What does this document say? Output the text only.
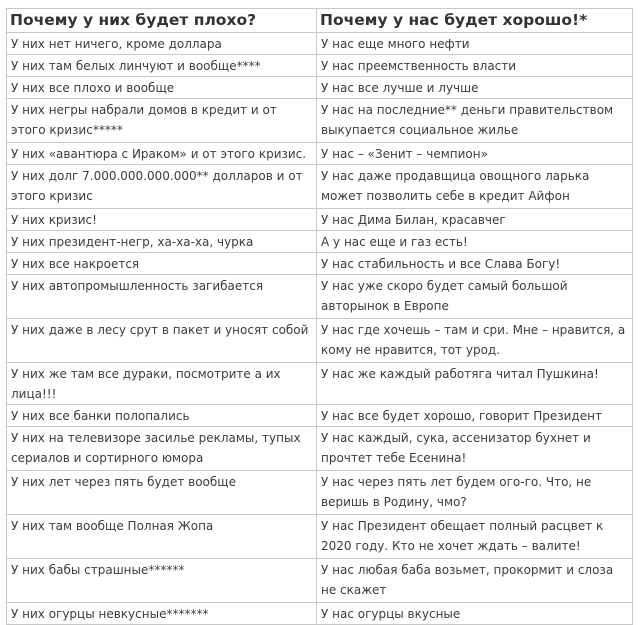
Почему у них будет плохо?	Почему у нас будет хорошо!*
У них нет ничего, кроме доллара	У нас еще много нефти
У них там белых линчуют и вообще****	У нас преемственность власти
У них все плохо и вообще	У нас все лучше и лучше
У них негры набрали домов в кредит и от этого кризис*****	У нас на последние** деньги правительством выкупается социальное жилье
У них «авантюра с Ираком» и от этого кризис.	У нас – «Зенит – чемпион»
У них долг 7.000.000.000.000** долларов и от этого кризис	У нас даже продавщица овощного ларька может позволить себе в кредит Айфон
У них кризис!	У нас Дима Билан, красавчег
У них президент-негр, ха-ха-ха, чурка	А у нас еще и газ есть!
У них все накроется	У нас стабильность и все Слава Богу!
У них автопромышленность загибается	У нас уже скоро будет самый большой авторынок в Европе
У них даже в лесу срут в пакет и уносят собой	У нас где хочешь – там и сри. Мне – нравится, а кому не нравится, тот урод.
У них же там все дураки, посмотрите а их лица!!!	У нас же каждый работяга читал Пушкина!
У них все банки полопались	У нас все будет хорошо, говорит Президент
У них на телевизоре засилье рекламы, тупых сериалов и сортирного юмора	У нас каждый, сука, ассенизатор бухнет и прочтет тебе Есенина!
У них лет через пять будет вообще	У нас через пять лет будем ого-го. Что, не веришь в Родину, чмо?
У них там вообще Полная Жопа	У нас Президент обещает полный расцвет к 2020 году. Кто не хочет ждать – валите!
У них бабы страшные******	У нас любая баба возьмет, прокормит и слоза не скажет
У них огурцы невкусные*******	У нас огурцы вкусные
